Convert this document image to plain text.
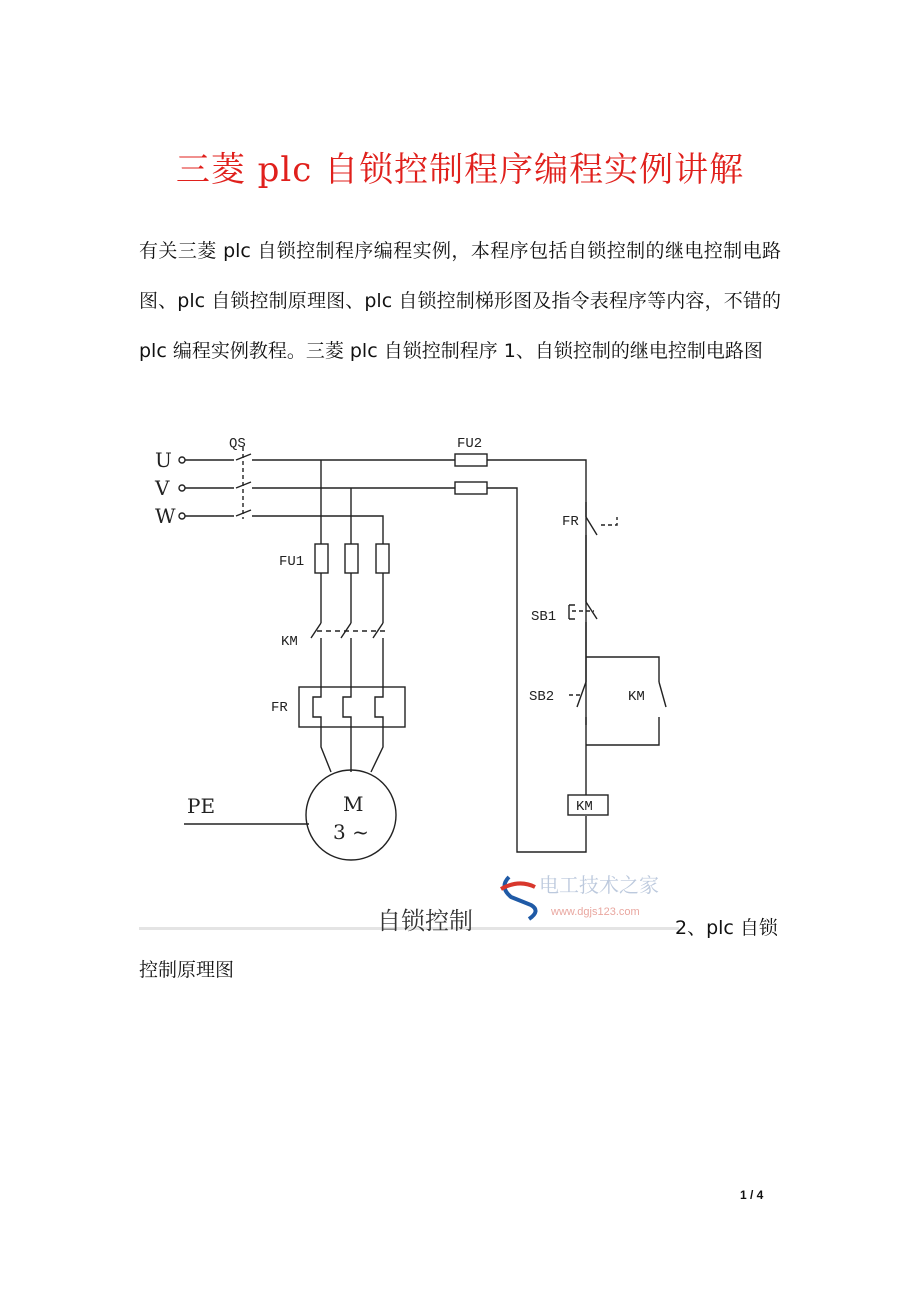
三菱 plc 自锁控制程序编程实例讲解

有关三菱 plc 自锁控制程序编程实例，本程序包括自锁控制的继电控制电路图、plc 自锁控制原理图、plc 自锁控制梯形图及指令表程序等内容，不错的 plc 编程实例教程。三菱 plc 自锁控制程序 1、自锁控制的继电控制电路图

U
V
W
QS	FU2
FU1
KM
FR
PE	M
3 ~
FR
SB1
SB2	KM
KM
电工技术之家
www.dgjs123.com
自锁控制	2、plc 自锁

控制原理图

1 / 4
